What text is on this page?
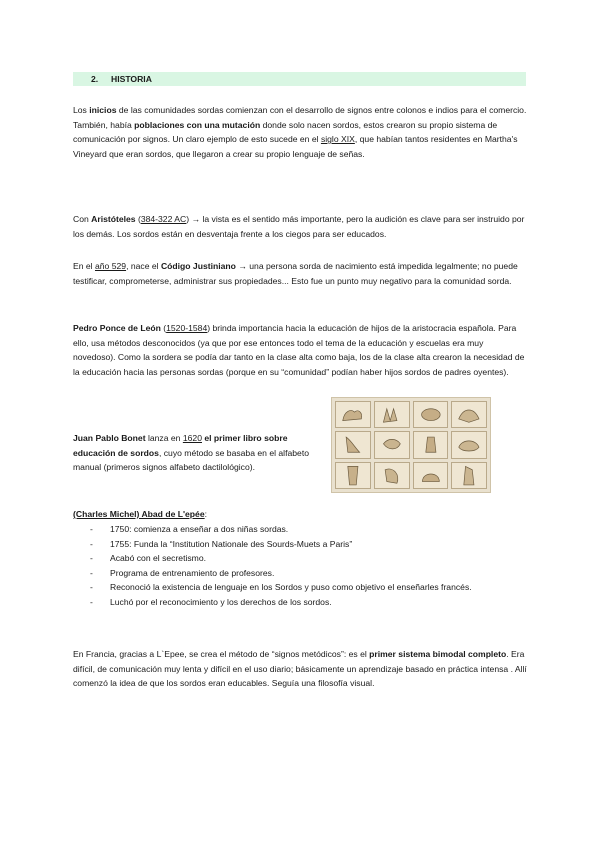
2. HISTORIA

Los inicios de las comunidades sordas comienzan con el desarrollo de signos entre colonos e indios para el comercio.

También, había poblaciones con una mutación donde solo nacen sordos, estos crearon su propio sistema de comunicación por signos. Un claro ejemplo de esto sucede en el siglo XIX, que habían tantos residentes en Martha's Vineyard que eran sordos, que llegaron a crear su propio lenguaje de señas.

Con Aristóteles (384-322 AC) → la vista es el sentido más importante, pero la audición es clave para ser instruido por los demás. Los sordos están en desventaja frente a los ciegos para ser educados.

En el año 529, nace el Código Justiniano → una persona sorda de nacimiento está impedida legalmente; no puede testificar, comprometerse, administrar sus propiedades... Esto fue un punto muy negativo para la comunidad sorda.

Pedro Ponce de León (1520-1584) brinda importancia hacia la educación de hijos de la aristocracia española. Para ello, usa métodos desconocidos (ya que por ese entonces todo el tema de la educación y escuelas era muy novedoso). Como la sordera se podía dar tanto en la clase alta como baja, los de la clase alta crearon la necesidad de la educación hacia las personas sordas (porque en su “comunidad” podían haber hijos sordos de padres oyentes).

Juan Pablo Bonet lanza en 1620 el primer libro sobre educación de sordos, cuyo método se basaba en el alfabeto manual (primeros signos alfabeto dactilológico).

(Charles Michel) Abad de L'epée:

- 1750: comienza a enseñar a dos niñas sordas.
- 1755: Funda la “Institution Nationale des Sourds-Muets a Paris”
- Acabó con el secretismo.
- Programa de entrenamiento de profesores.
- Reconoció la existencia de lenguaje en los Sordos y puso como objetivo el enseñarles francés.
- Luchó por el reconocimiento y los derechos de los sordos.

En Francia, gracias a L`Epee, se crea el método de “signos metódicos”: es el primer sistema bimodal completo. Era difícil, de comunicación muy lenta y difícil en el uso diario; básicamente un aprendizaje basado en práctica intensa . Allí comenzó la idea de que los sordos eran educables. Seguía una filosofía visual.
